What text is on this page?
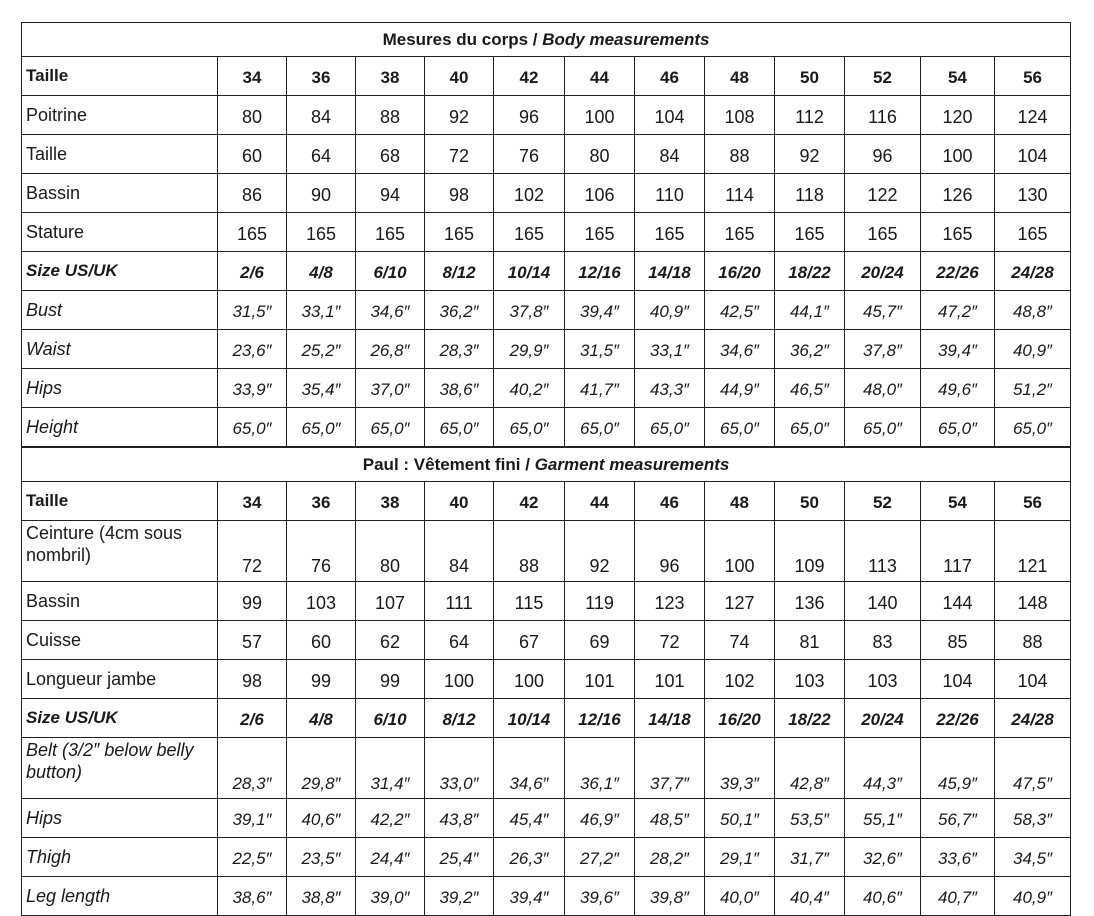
Mesures du corps / Body measurements												
Taille	34	36	38	40	42	44	46	48	50	52	54	56
Poitrine	80	84	88	92	96	100	104	108	112	116	120	124
Taille	60	64	68	72	76	80	84	88	92	96	100	104
Bassin	86	90	94	98	102	106	110	114	118	122	126	130
Stature	165	165	165	165	165	165	165	165	165	165	165	165
Size US/UK	2/6	4/8	6/10	8/12	10/14	12/16	14/18	16/20	18/22	20/24	22/26	24/28
Bust	31,5″	33,1″	34,6″	36,2″	37,8″	39,4″	40,9″	42,5″	44,1″	45,7″	47,2″	48,8″
Waist	23,6″	25,2″	26,8″	28,3″	29,9″	31,5″	33,1″	34,6″	36,2″	37,8″	39,4″	40,9″
Hips	33,9″	35,4″	37,0″	38,6″	40,2″	41,7″	43,3″	44,9″	46,5″	48,0″	49,6″	51,2″
Height	65,0″	65,0″	65,0″	65,0″	65,0″	65,0″	65,0″	65,0″	65,0″	65,0″	65,0″	65,0″
Paul : Vêtement fini / Garment measurements												
Taille	34	36	38	40	42	44	46	48	50	52	54	56
Ceinture (4cm sous nombril)	72	76	80	84	88	92	96	100	109	113	117	121
Bassin	99	103	107	111	115	119	123	127	136	140	144	148
Cuisse	57	60	62	64	67	69	72	74	81	83	85	88
Longueur jambe	98	99	99	100	100	101	101	102	103	103	104	104
Size US/UK	2/6	4/8	6/10	8/12	10/14	12/16	14/18	16/20	18/22	20/24	22/26	24/28
Belt (3/2″ below belly button)	28,3″	29,8″	31,4″	33,0″	34,6″	36,1″	37,7″	39,3″	42,8″	44,3″	45,9″	47,5″
Hips	39,1″	40,6″	42,2″	43,8″	45,4″	46,9″	48,5″	50,1″	53,5″	55,1″	56,7″	58,3″
Thigh	22,5″	23,5″	24,4″	25,4″	26,3″	27,2″	28,2″	29,1″	31,7″	32,6″	33,6″	34,5″
Leg length	38,6″	38,8″	39,0″	39,2″	39,4″	39,6″	39,8″	40,0″	40,4″	40,6″	40,7″	40,9″
